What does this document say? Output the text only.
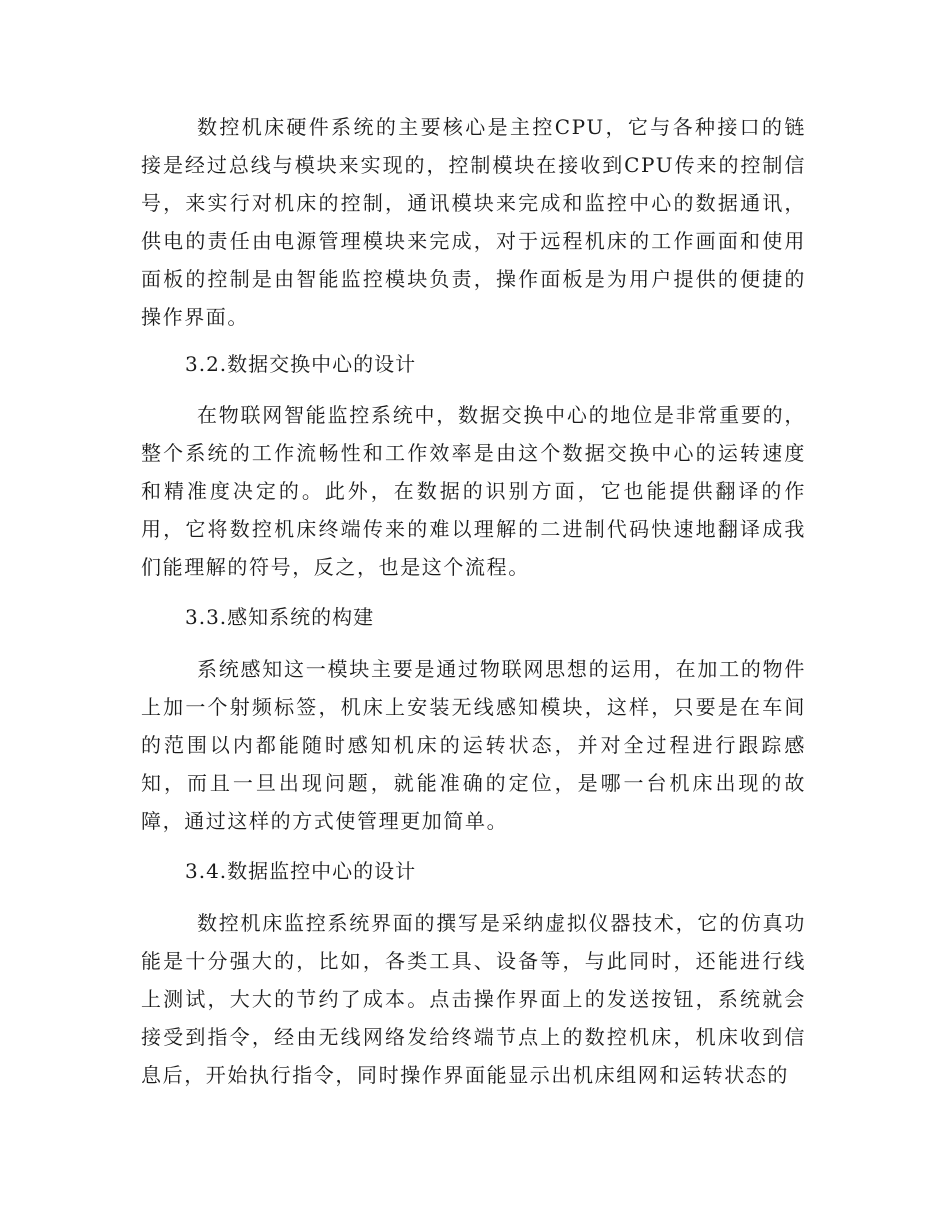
数控机床硬件系统的主要核心是主控CPU，它与各种接口的链接是经过总线与模块来实现的，控制模块在接收到CPU传来的控制信号，来实行对机床的控制，通讯模块来完成和监控中心的数据通讯，供电的责任由电源管理模块来完成，对于远程机床的工作画面和使用面板的控制是由智能监控模块负责，操作面板是为用户提供的便捷的操作界面。

3.2.数据交换中心的设计

在物联网智能监控系统中，数据交换中心的地位是非常重要的，整个系统的工作流畅性和工作效率是由这个数据交换中心的运转速度和精准度决定的。此外，在数据的识别方面，它也能提供翻译的作用，它将数控机床终端传来的难以理解的二进制代码快速地翻译成我们能理解的符号，反之，也是这个流程。

3.3.感知系统的构建

系统感知这一模块主要是通过物联网思想的运用，在加工的物件上加一个射频标签，机床上安装无线感知模块，这样，只要是在车间的范围以内都能随时感知机床的运转状态，并对全过程进行跟踪感知，而且一旦出现问题，就能准确的定位，是哪一台机床出现的故障，通过这样的方式使管理更加简单。

3.4.数据监控中心的设计

数控机床监控系统界面的撰写是采纳虚拟仪器技术，它的仿真功能是十分强大的，比如，各类工具、设备等，与此同时，还能进行线上测试，大大的节约了成本。点击操作界面上的发送按钮，系统就会接受到指令，经由无线网络发给终端节点上的数控机床，机床收到信息后，开始执行指令，同时操作界面能显示出机床组网和运转状态的
